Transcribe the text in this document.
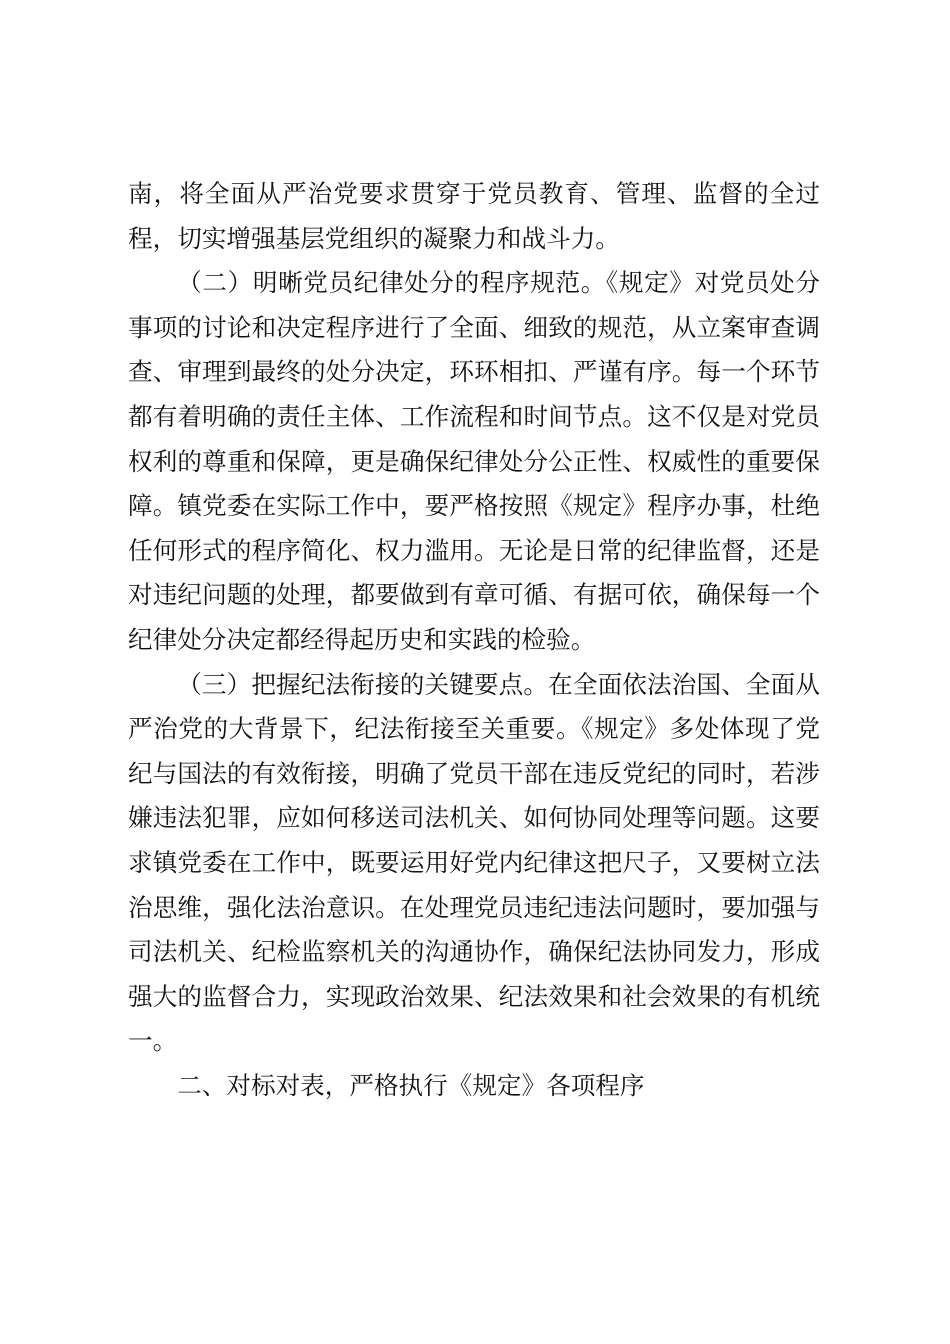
南，将全面从严治党要求贯穿于党员教育、管理、监督的全过程，切实增强基层党组织的凝聚力和战斗力。

（二）明晰党员纪律处分的程序规范。《规定》对党员处分事项的讨论和决定程序进行了全面、细致的规范，从立案审查调查、审理到最终的处分决定，环环相扣、严谨有序。每一个环节都有着明确的责任主体、工作流程和时间节点。这不仅是对党员权利的尊重和保障，更是确保纪律处分公正性、权威性的重要保障。镇党委在实际工作中，要严格按照《规定》程序办事，杜绝任何形式的程序简化、权力滥用。无论是日常的纪律监督，还是对违纪问题的处理，都要做到有章可循、有据可依，确保每一个纪律处分决定都经得起历史和实践的检验。

（三）把握纪法衔接的关键要点。在全面依法治国、全面从严治党的大背景下，纪法衔接至关重要。《规定》多处体现了党纪与国法的有效衔接，明确了党员干部在违反党纪的同时，若涉嫌违法犯罪，应如何移送司法机关、如何协同处理等问题。这要求镇党委在工作中，既要运用好党内纪律这把尺子，又要树立法治思维，强化法治意识。在处理党员违纪违法问题时，要加强与司法机关、纪检监察机关的沟通协作，确保纪法协同发力，形成强大的监督合力，实现政治效果、纪法效果和社会效果的有机统一。

二、对标对表，严格执行《规定》各项程序
